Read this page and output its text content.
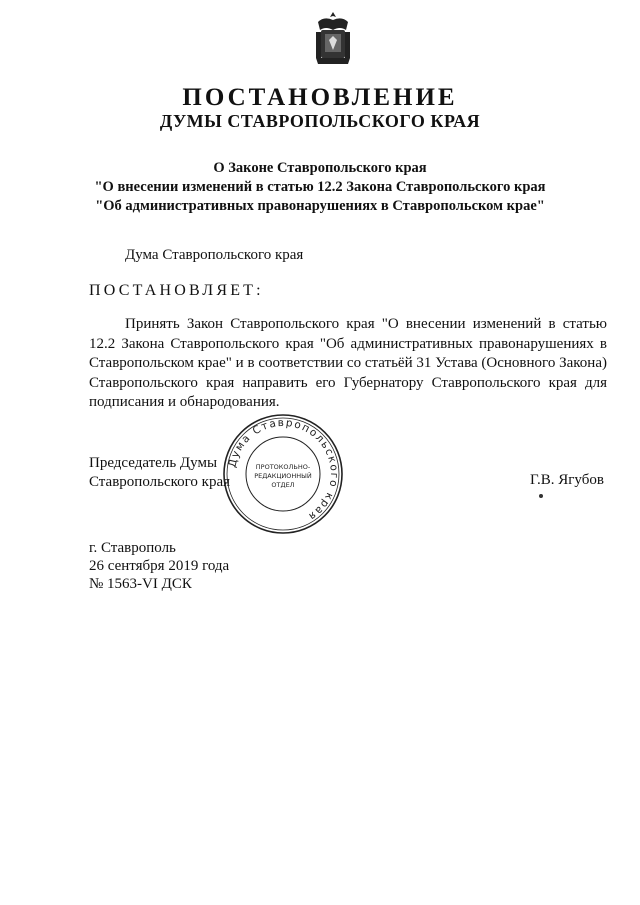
ПОСТАНОВЛЕНИЕ
ДУМЫ СТАВРОПОЛЬСКОГО КРАЯ
О Законе Ставропольского края
"О внесении изменений в статью 12.2 Закона Ставропольского края
"Об административных правонарушениях в Ставропольском крае"
Дума Ставропольского края
ПОСТАНОВЛЯЕТ:

Принять Закон Ставропольского края "О внесении изменений в статью 12.2 Закона Ставропольского края "Об административных правонарушениях в Ставропольском крае" и в соответствии со статьёй 31 Устава (Основного Закона) Ставропольского края направить его Губернатору Ставропольского края для подписания и обнародования.

Председатель Думы
Ставропольского края
Дума Ставропольского края
ПРОТОКОЛЬНО-
РЕДАКЦИОННЫЙ
ОТДЕЛ	Г.В. Ягубов
г. Ставрополь
26 сентября 2019 года
№ 1563-VI ДСК
